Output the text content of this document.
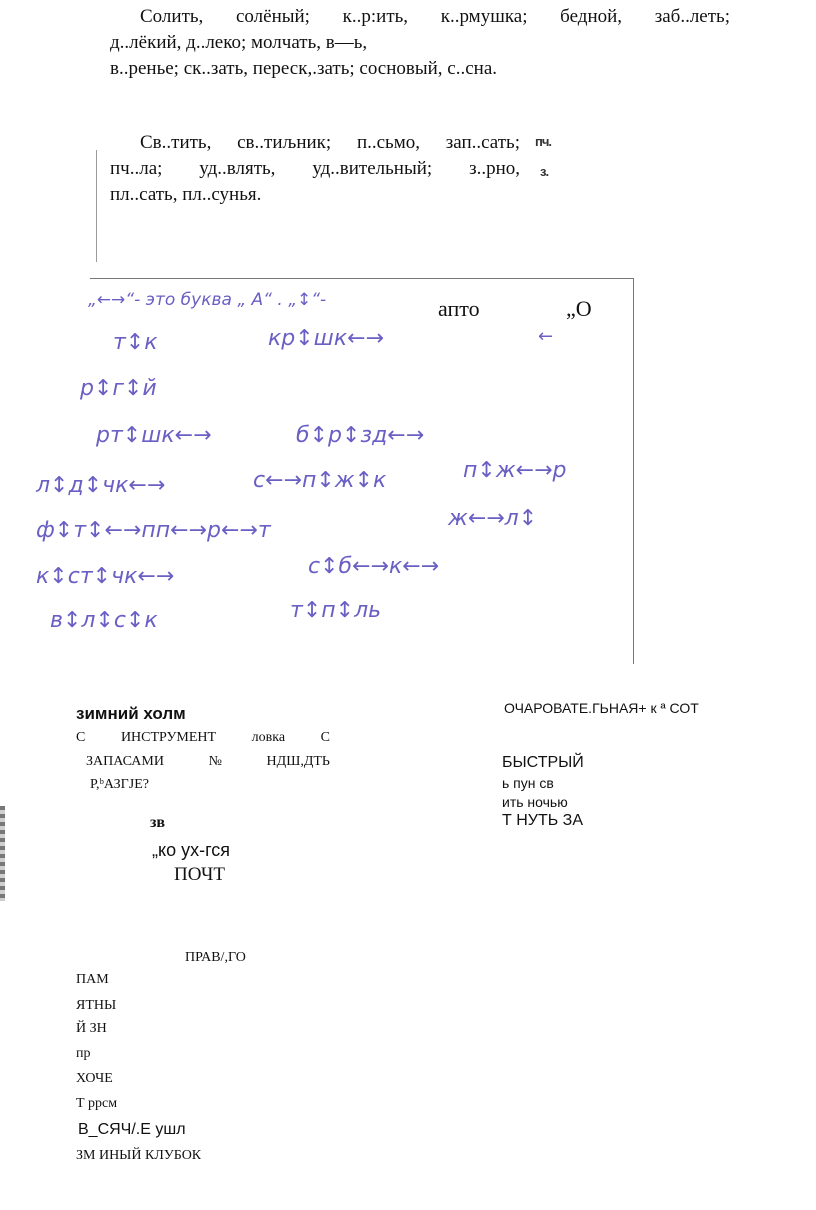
Солить, солёный; к..р:ить, к..рмушка; бедной, заб..леть;
д..лёкий, д..леко; молчать, в—ь,
в..ренье; ск..зать, переск,.зать; сосновый, с..сна.
Св..тить, св..тиљник; п..сьмо, зап..сать;
пч..ла; уд..влять, уд..вительный; з..рно,
пл..сать, пл..сунья.
пч.
з.
„←→“- это буква „ А“ . „↕“-	апто	„О
←
т↕к	кр↕шк←→
р↕г↕й
рт↕шк←→	б↕р↕зд←→
л↕д↕чк←→	с←→п↕ж↕к	п↕ж←→р
ф↕т↕←→пп←→р←→т	ж←→л↕
к↕ст↕чк←→	с↕б←→к←→
в↕л↕с↕к	т↕п↕ль
зимний холм
С	ИНСТРУМЕНТ	ловка	С
ЗАПАСАМИ	№	НДШ,ДТЬ
Р,ᵇАЗГЈЕ?
зв
„ко ух-гся
ПОЧТ
ОЧАРОВАТЕ.ГЬНАЯ+ к ª СОТ
БЫСТРЫЙ
ь пун св
ить ночью
Т НУТЬ ЗА
ПРАВ/,ГО
ПАМ
ЯТНЫ
Й ЗН
пр
ХОЧЕ
Т ррсм
В_СЯЧ/.Е ушл
ЗМ ИНЫЙ КЛУБОК
